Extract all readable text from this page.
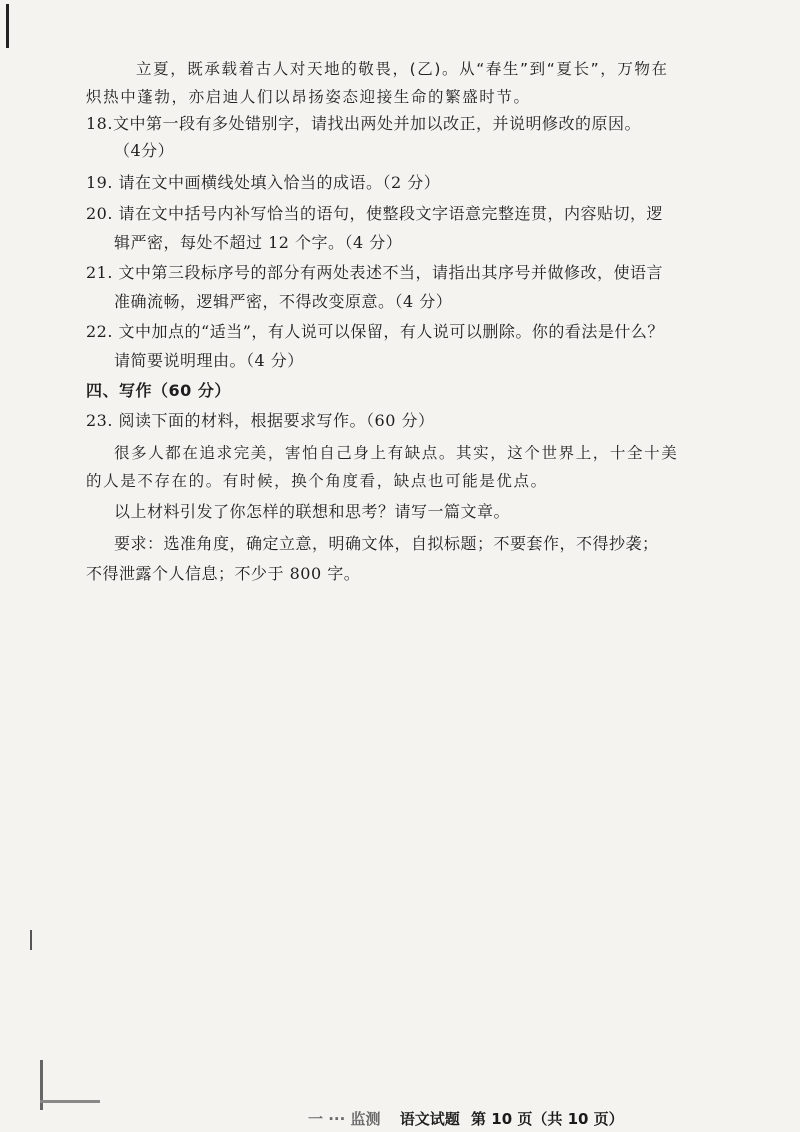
立夏，既承载着古人对天地的敬畏，(乙)。从“春生”到“夏长”，万物在
炽热中蓬勃，亦启迪人们以昂扬姿态迎接生命的繁盛时节。
18.文中第一段有多处错别字，请找出两处并加以改正，并说明修改的原因。
（4分）
19. 请在文中画横线处填入恰当的成语。（2 分）
20. 请在文中括号内补写恰当的语句，使整段文字语意完整连贯，内容贴切，逻
辑严密，每处不超过 12 个字。（4 分）
21. 文中第三段标序号的部分有两处表述不当，请指出其序号并做修改，使语言
准确流畅，逻辑严密，不得改变原意。（4 分）
22. 文中加点的“适当”，有人说可以保留，有人说可以删除。你的看法是什么？
请简要说明理由。（4 分）
四、写作（60 分）
23. 阅读下面的材料，根据要求写作。（60 分）
很多人都在追求完美，害怕自己身上有缺点。其实，这个世界上，十全十美
的人是不存在的。有时候，换个角度看，缺点也可能是优点。
以上材料引发了你怎样的联想和思考？请写一篇文章。
要求：选准角度，确定立意，明确文体，自拟标题；不要套作，不得抄袭；
不得泄露个人信息；不少于 800 字。
一 ··· 监测 语文试题 第 10 页（共 10 页）
